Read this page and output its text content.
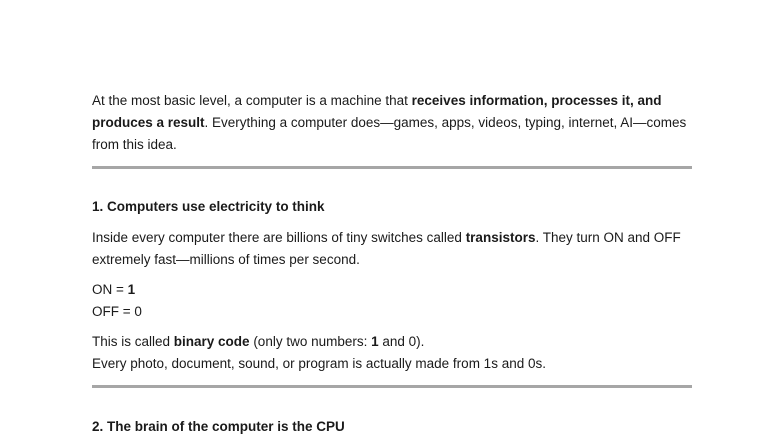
At the most basic level, a computer is a machine that receives information, processes it, and produces a result. Everything a computer does—games, apps, videos, typing, internet, AI—comes from this idea.

1. Computers use electricity to think

Inside every computer there are billions of tiny switches called transistors. They turn ON and OFF extremely fast—millions of times per second.

ON = 1
OFF = 0

This is called binary code (only two numbers: 1 and 0).
Every photo, document, sound, or program is actually made from 1s and 0s.

2. The brain of the computer is the CPU
